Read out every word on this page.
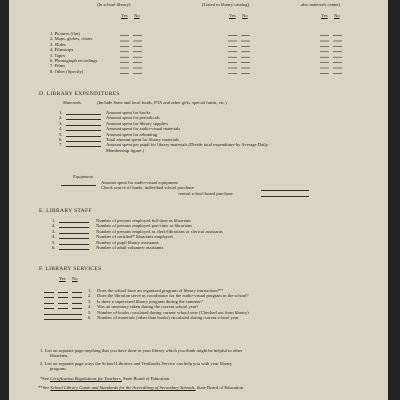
(In school library)	(Listed in library catalog)	also materials center)
Yes No	Yes No	Yes No
1. Pictures (flat)
2. Maps, globes, charts
3. Slides
4. Filmstrips
5. Tapes
6. Phonograph recordings
7. Films
8. Other (Specify)
D. LIBRARY EXPENDITURES
Materials	(Include State and local funds, PTA and other gifts, special funds, etc.)
1.	Amount spent for books
2.	Amount spent for periodicals
3.	Amount spent for library supplies
4.	Amount spent for audio-visual materials
5.	Amount spent for rebinding
6.	Total amount spent for library materials
7.	Amount spent per pupil for library materials (Divide total expenditure by Average Daily
Membership figure.)
Equipment
Amount spent for audio-visual equipment
Check source of funds: individual school purchase
central school board purchase
E. LIBRARY STAFF
1.	Number of persons employed full-time as librarians
2.	Number of persons employed part-time as librarians
3.	Number of persons employed as clerk-librarians or clerical assistants
4.	Number of certified* librarians employed
5.	Number of pupil library assistants
6.	Number of adult volunteer assistants
F. LIBRARY SERVICES
Yes No
1. Does the school have an organized program of library instruction?**
2. Does the librarian serve as coordinator for the audio-visual program in the school?
3. Is there a supervised library program during the summer?
4. Was an inventory taken during the current school year?
5. Number of books circulated during current school year (Checked out from library)
6. Number of materials (other than books) circulated during current school year
1. List on separate page anything that you have done in your library which you think might be helpful to other
librarians.
2. List on separate page ways the School Libraries and Textbooks Service can help you with your library
program.
*See Certification Regulations for Teachers, State Board of Education
**See School Library Guide and Standards for the Accrediting of Secondary Schools, State Board of Education
